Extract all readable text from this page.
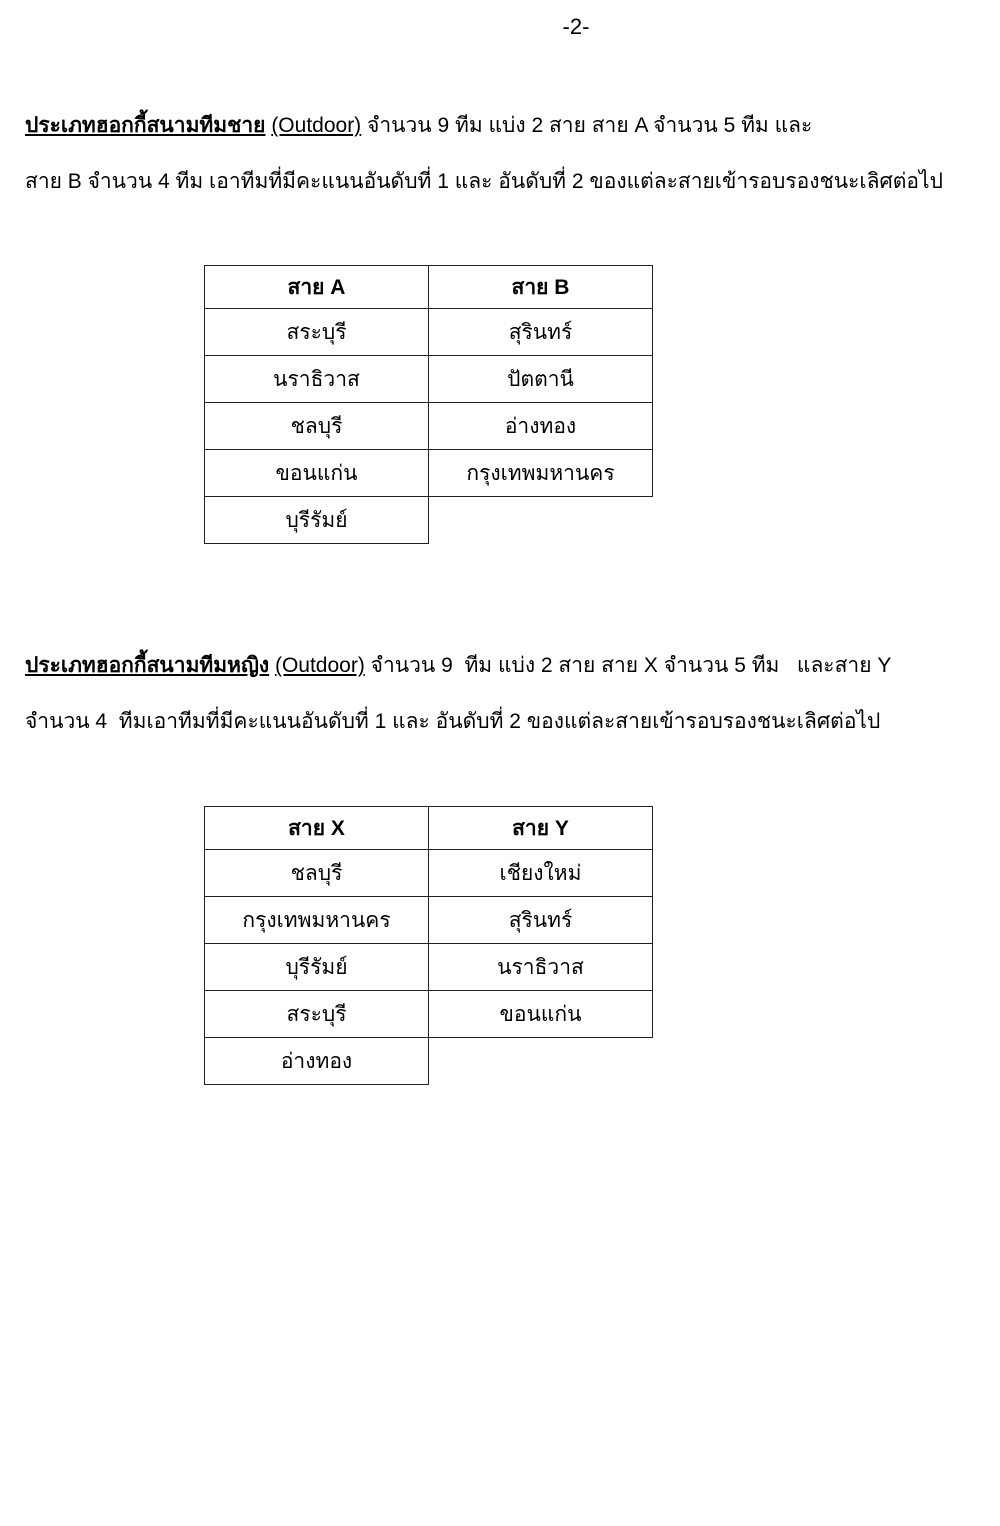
-2-
ประเภทฮอกกี้สนามทีมชาย (Outdoor) จำนวน 9 ทีม แบ่ง 2 สาย สาย A จำนวน 5 ทีม และ
สาย B จำนวน 4 ทีม เอาทีมที่มีคะแนนอันดับที่ 1 และ อันดับที่ 2 ของแต่ละสายเข้ารอบรองชนะเลิศต่อไป
สาย A	สาย B
สระบุรี	สุรินทร์
นราธิวาส	ปัตตานี
ชลบุรี	อ่างทอง
ขอนแก่น	กรุงเทพมหานคร
บุรีรัมย์	
ประเภทฮอกกี้สนามทีมหญิง (Outdoor) จำนวน 9  ทีม แบ่ง 2 สาย สาย X จำนวน 5 ทีม   และสาย Y
จำนวน 4  ทีมเอาทีมที่มีคะแนนอันดับที่ 1 และ อันดับที่ 2 ของแต่ละสายเข้ารอบรองชนะเลิศต่อไป
สาย X	สาย Y
ชลบุรี	เชียงใหม่
กรุงเทพมหานคร	สุรินทร์
บุรีรัมย์	นราธิวาส
สระบุรี	ขอนแก่น
อ่างทอง	
